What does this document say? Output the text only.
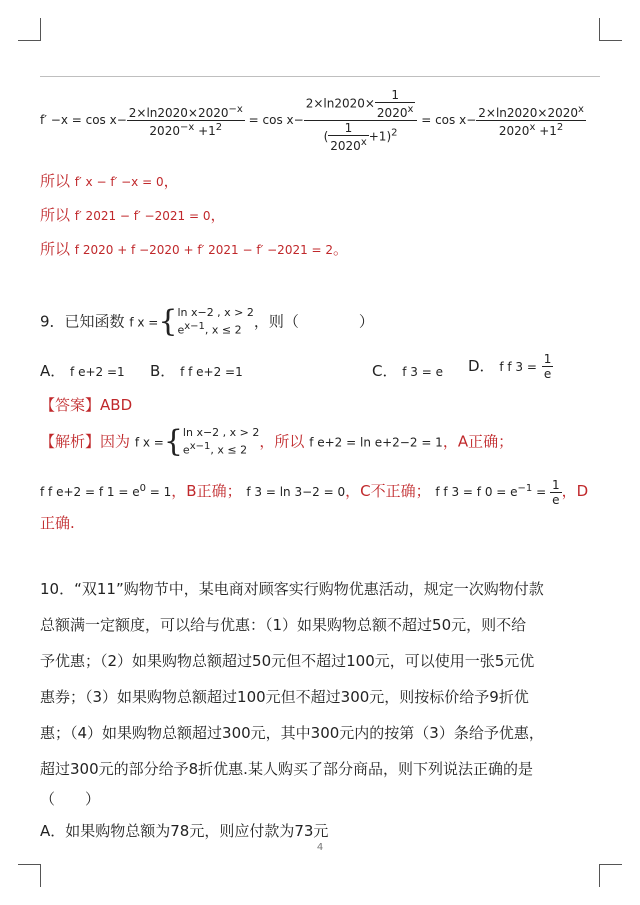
$f' -x = \cos x- \frac{2\times\ln 2020\times 2020^{-x}}{2020^{-x} +1^2} = \cos x- \frac{2\times\ln 2020\times \frac{1}{2020^x}}{( \frac{1}{2020^x} +1)^2} = \cos x- \frac{2\times\ln 2020\times 2020^x}{2020^x +1^2}$
所以 f′ x − f′ −x = 0，
所以 f′ 2021 − f′ −2021 = 0，
所以 f 2020 + f −2020 + f′ 2021 − f′ −2021 = 2。
9．已知函数 f x ={ ln x−2 , x > 2
$e^{x-1}$, x ≤ 2 ，则（　　　　）
A． f e+2 =1 B． f f e+2 =1	C． f 3 = e D． f f $3 = \frac{1}{e}$
【答案】ABD
【解析】因为 f x ={ ln x−2 , x > 2
$e^{x-1}$, x ≤ 2 ，所以 f e+2 = ln e+2−2 = 1，A正确；
f f e+2 = f $1 = e^0 = 1$，B正确； f 3 = ln 3−2 = 0，C不正确； f f 3 = f $0 = e^{-1} = \frac{1}{e}$ ，D
正确.
10．“双11”购物节中，某电商对顾客实行购物优惠活动，规定一次购物付款
总额满一定额度，可以给与优惠：（1）如果购物总额不超过50元，则不给
予优惠；（2）如果购物总额超过50元但不超过100元，可以使用一张5元优
惠券；（3）如果购物总额超过100元但不超过300元，则按标价给予9折优
惠；（4）如果购物总额超过300元，其中300元内的按第（3）条给予优惠，
超过300元的部分给予8折优惠.某人购买了部分商品，则下列说法正确的是
（　　）
A．如果购物总额为78元，则应付款为73元
4
